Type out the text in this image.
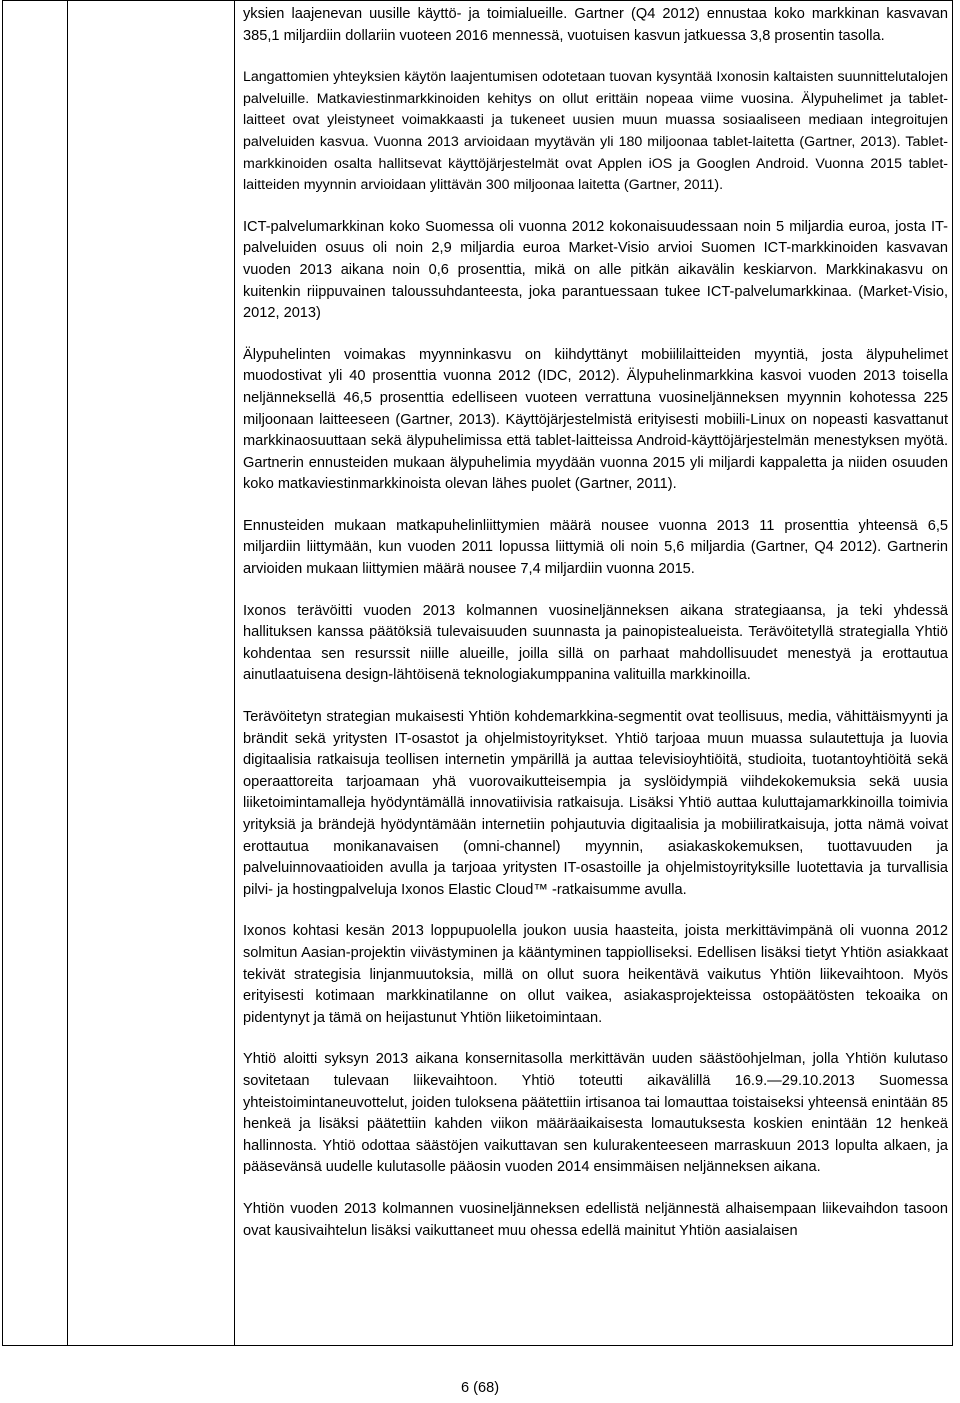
yksien laajenevan uusille käyttö- ja toimialueille. Gartner (Q4 2012) ennustaa koko markkinan kasvavan 385,1 miljardiin dollariin vuoteen 2016 mennessä, vuotuisen kasvun jatkuessa 3,8 prosentin tasolla.

Langattomien yhteyksien käytön laajentumisen odotetaan tuovan kysyntää Ixonosin kaltaisten suunnittelutalojen palveluille. Matkaviestinmarkkinoiden kehitys on ollut erittäin nopeaa viime vuosina. Älypuhelimet ja tablet-laitteet ovat yleistyneet voimakkaasti ja tukeneet uusien muun muassa sosiaaliseen mediaan integroitujen palveluiden kasvua. Vuonna 2013 arvioidaan myytävän yli 180 miljoonaa tablet-laitetta (Gartner, 2013). Tablet-markkinoiden osalta hallitsevat käyttöjärjestelmät ovat Applen iOS ja Googlen Android. Vuonna 2015 tablet-laitteiden myynnin arvioidaan ylittävän 300 miljoonaa laitetta (Gartner, 2011).

ICT-palvelumarkkinan koko Suomessa oli vuonna 2012 kokonaisuudessaan noin 5 miljardia euroa, josta IT-palveluiden osuus oli noin 2,9 miljardia euroa Market-Visio arvioi Suomen ICT-markkinoiden kasvavan vuoden 2013 aikana noin 0,6 prosenttia, mikä on alle pitkän aikavälin keskiarvon. Markkinakasvu on kuitenkin riippuvainen taloussuhdanteesta, joka parantuessaan tukee ICT-palvelumarkkinaa. (Market-Visio, 2012, 2013)

Älypuhelinten voimakas myynninkasvu on kiihdyttänyt mobiililaitteiden myyntiä, josta älypuhelimet muodostivat yli 40 prosenttia vuonna 2012 (IDC, 2012). Älypuhelinmarkkina kasvoi vuoden 2013 toisella neljänneksellä 46,5 prosenttia edelliseen vuoteen verrattuna vuosineljänneksen myynnin kohotessa 225 miljoonaan laitteeseen (Gartner, 2013). Käyttöjärjestelmistä erityisesti mobiili-Linux on nopeasti kasvattanut markkinaosuuttaan sekä älypuhelimissa että tablet-laitteissa Android-käyttöjärjestelmän menestyksen myötä. Gartnerin ennusteiden mukaan älypuhelimia myydään vuonna 2015 yli miljardi kappaletta ja niiden osuuden koko matkaviestinmarkkinoista olevan lähes puolet (Gartner, 2011).

Ennusteiden mukaan matkapuhelinliittymien määrä nousee vuonna 2013 11 prosenttia yhteensä 6,5 miljardiin liittymään, kun vuoden 2011 lopussa liittymiä oli noin 5,6 miljardia (Gartner, Q4 2012). Gartnerin arvioiden mukaan liittymien määrä nousee 7,4 miljardiin vuonna 2015.

Ixonos terävöitti vuoden 2013 kolmannen vuosineljänneksen aikana strategiaansa, ja teki yhdessä hallituksen kanssa päätöksiä tulevaisuuden suunnasta ja painopistealueista. Terävöitetyllä strategialla Yhtiö kohdentaa sen resurssit niille alueille, joilla sillä on parhaat mahdollisuudet menestyä ja erottautua ainutlaatuisena design-lähtöisenä teknologiakumppanina valituilla markkinoilla.

Terävöitetyn strategian mukaisesti Yhtiön kohdemarkkina-segmentit ovat teollisuus, media, vähittäismyynti ja brändit sekä yritysten IT-osastot ja ohjelmistoyritykset. Yhtiö tarjoaa muun muassa sulautettuja ja luovia digitaalisia ratkaisuja teollisen internetin ympärillä ja auttaa televisioyhtiöitä, studioita, tuotantoyhtiöitä sekä operaattoreita tarjoamaan yhä vuorovaikutteisempia ja syslöidympiä viihdekokemuksia sekä uusia liiketoimintamalleja hyödyntämällä innovatiivisia ratkaisuja. Lisäksi Yhtiö auttaa kuluttajamarkkinoilla toimivia yrityksiä ja brändejä hyödyntämään internetiin pohjautuvia digitaalisia ja mobiiliratkaisuja, jotta nämä voivat erottautua monikanavaisen (omni-channel) myynnin, asiakaskokemuksen, tuottavuuden ja palveluinnovaatioiden avulla ja tarjoaa yritysten IT-osastoille ja ohjelmistoyrityksille luotettavia ja turvallisia pilvi- ja hostingpalveluja Ixonos Elastic Cloud™ -ratkaisumme avulla.

Ixonos kohtasi kesän 2013 loppupuolella joukon uusia haasteita, joista merkittävimpänä oli vuonna 2012 solmitun Aasian-projektin viivästyminen ja kääntyminen tappiolliseksi. Edellisen lisäksi tietyt Yhtiön asiakkaat tekivät strategisia linjanmuutoksia, millä on ollut suora heikentävä vaikutus Yhtiön liikevaihtoon. Myös erityisesti kotimaan markkinatilanne on ollut vaikea, asiakasprojekteissa ostopäätösten tekoaika on pidentynyt ja tämä on heijastunut Yhtiön liiketoimintaan.

Yhtiö aloitti syksyn 2013 aikana konsernitasolla merkittävän uuden säästöohjelman, jolla Yhtiön kulutaso sovitetaan tulevaan liikevaihtoon. Yhtiö toteutti aikavälillä 16.9.—29.10.2013 Suomessa yhteistoimintaneuvottelut, joiden tuloksena päätettiin irtisanoa tai lomauttaa toistaiseksi yhteensä enintään 85 henkeä ja lisäksi päätettiin kahden viikon määräaikaisesta lomautuksesta koskien enintään 12 henkeä hallinnosta. Yhtiö odottaa säästöjen vaikuttavan sen kulurakenteeseen marraskuun 2013 lopulta alkaen, ja pääsevänsä uudelle kulutasolle pääosin vuoden 2014 ensimmäisen neljänneksen aikana.

Yhtiön vuoden 2013 kolmannen vuosineljänneksen edellistä neljännestä alhaisempaan liikevaihdon tasoon ovat kausivaihtelun lisäksi vaikuttaneet muu ohessa edellä mainitut Yhtiön aasialaisen

6 (68)
